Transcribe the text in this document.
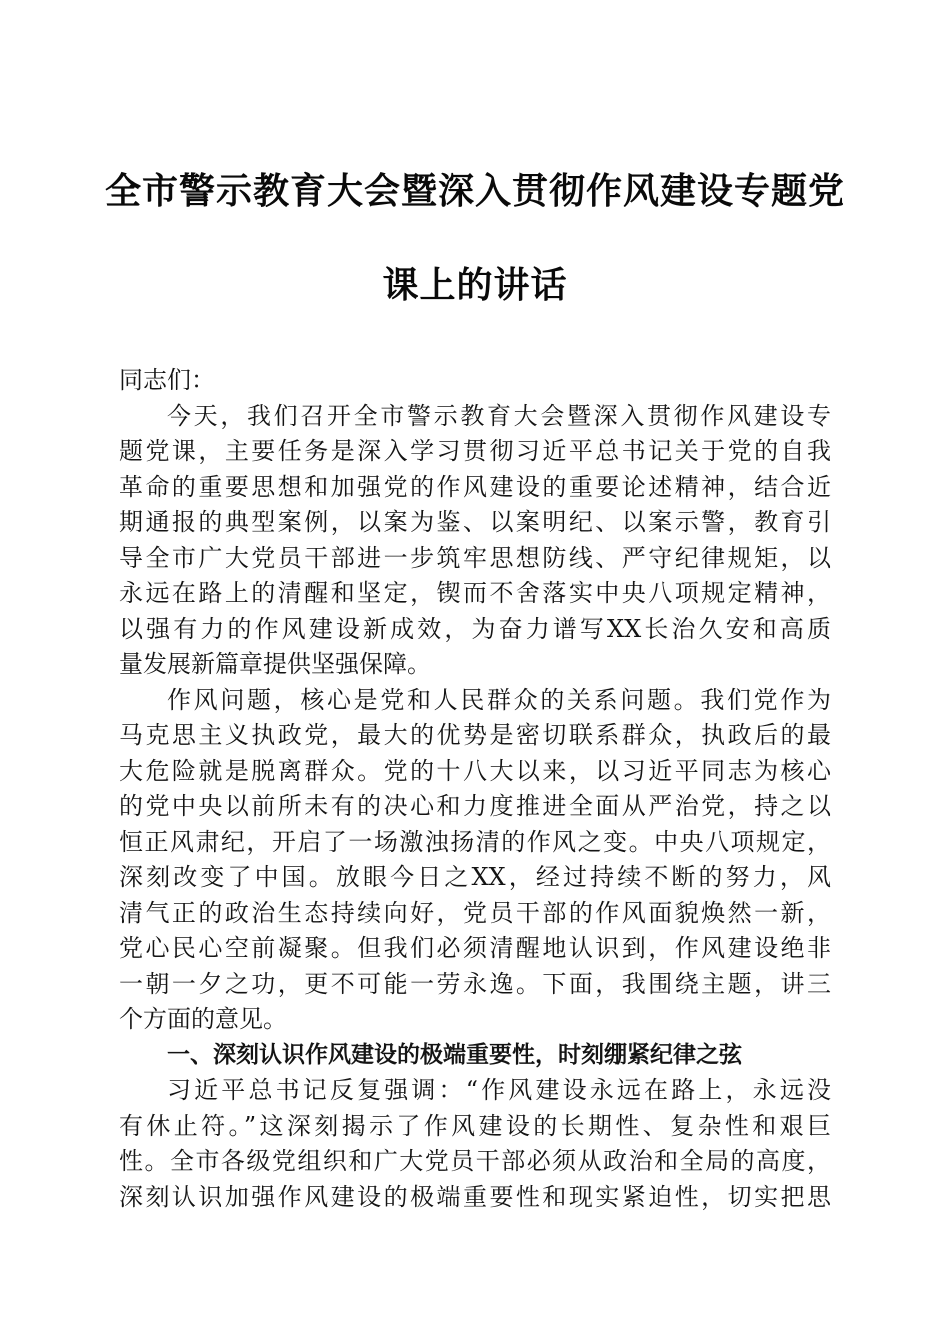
全市警示教育大会暨深入贯彻作风建设专题党
课上的讲话
同志们：
今天，我们召开全市警示教育大会暨深入贯彻作风建设专
题党课，主要任务是深入学习贯彻习近平总书记关于党的自我
革命的重要思想和加强党的作风建设的重要论述精神，结合近
期通报的典型案例，以案为鉴、以案明纪、以案示警，教育引
导全市广大党员干部进一步筑牢思想防线、严守纪律规矩，以
永远在路上的清醒和坚定，锲而不舍落实中央八项规定精神，
以强有力的作风建设新成效，为奋力谱写XX长治久安和高质
量发展新篇章提供坚强保障。
作风问题，核心是党和人民群众的关系问题。我们党作为
马克思主义执政党，最大的优势是密切联系群众，执政后的最
大危险就是脱离群众。党的十八大以来，以习近平同志为核心
的党中央以前所未有的决心和力度推进全面从严治党，持之以
恒正风肃纪，开启了一场激浊扬清的作风之变。中央八项规定，
深刻改变了中国。放眼今日之XX，经过持续不断的努力，风
清气正的政治生态持续向好，党员干部的作风面貌焕然一新，
党心民心空前凝聚。但我们必须清醒地认识到，作风建设绝非
一朝一夕之功，更不可能一劳永逸。下面，我围绕主题，讲三
个方面的意见。
一、深刻认识作风建设的极端重要性，时刻绷紧纪律之弦
习近平总书记反复强调：“作风建设永远在路上，永远没
有休止符。”这深刻揭示了作风建设的长期性、复杂性和艰巨
性。全市各级党组织和广大党员干部必须从政治和全局的高度，
深刻认识加强作风建设的极端重要性和现实紧迫性，切实把思
